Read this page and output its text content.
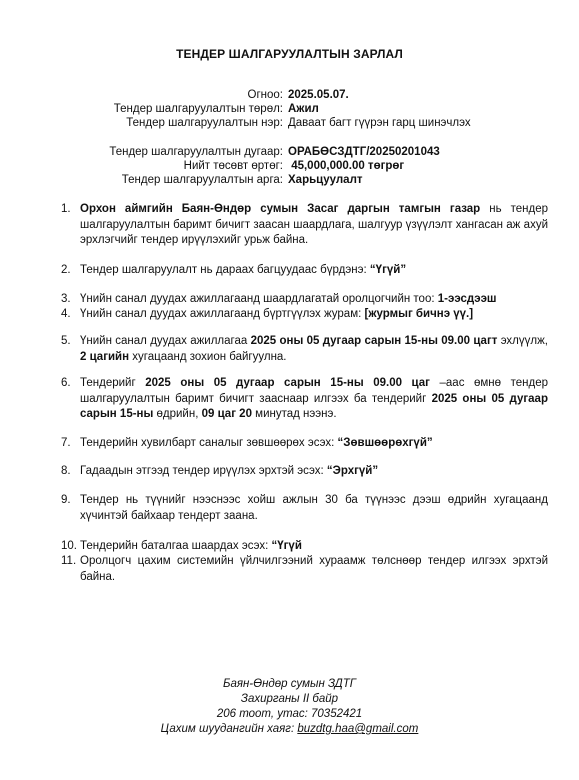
ТЕНДЕР ШАЛГАРУУЛАЛТЫН ЗАРЛАЛ
Огноо: 2025.05.07.
Тендер шалгаруулалтын төрөл: Ажил
Тендер шалгаруулалтын нэр: Даваат багт гүүрэн гарц шинэчлэх
Тендер шалгаруулалтын дугаар: ОРАБӨСЗДТГ/20250201043
Нийт төсөвт өртөг: 45,000,000.00 төгрөг
Тендер шалгаруулалтын арга: Харьцуулалт
1. Орхон аймгийн Баян-Өндөр сумын Засаг даргын тамгын газар нь тендер шалгаруулалтын баримт бичигт заасан шаардлага, шалгуур үзүүлэлт хангасан аж ахуй эрхлэгчийг тендер ирүүлэхийг урьж байна.
2. Тендер шалгаруулалт нь дараах багцуудаас бүрдэнэ: “Үгүй”
3. Үнийн санал дуудах ажиллагаанд шаардлагатай оролцогчийн тоо: 1-ээсдээш
4. Үнийн санал дуудах ажиллагаанд бүртгүүлэх журам: [журмыг бичнэ үү.]
5. Үнийн санал дуудах ажиллагаа 2025 оны 05 дугаар сарын 15-ны 09.00 цагт эхлүүлж, 2 цагийн хугацаанд зохион байгуулна.
6. Тендерийг 2025 оны 05 дугаар сарын 15-ны 09.00 цаг –аас өмнө тендер шалгаруулалтын баримт бичигт зааснаар илгээх ба тендерийг 2025 оны 05 дугаар сарын 15-ны өдрийн, 09 цаг 20 минутад нээнэ.
7. Тендерийн хувилбарт саналыг зөвшөөрөх эсэх: “Зөвшөөрөхгүй”
8. Гадаадын этгээд тендер ирүүлэх эрхтэй эсэх: “Эрхгүй”
9. Тендер нь түүнийг нээснээс хойш ажлын 30 ба түүнээс дээш өдрийн хугацаанд хүчинтэй байхаар тендерт заана.
10. Тендерийн баталгаа шаардах эсэх: “Үгүй
11. Оролцогч цахим системийн үйлчилгээний хураамж төлснөөр тендер илгээх эрхтэй байна.
Баян-Өндөр сумын ЗДТГ
Захирганы II байр
206 тоот, утас: 70352421
Цахим шуудангийн хаяг: buzdtg.haa@gmail.com
